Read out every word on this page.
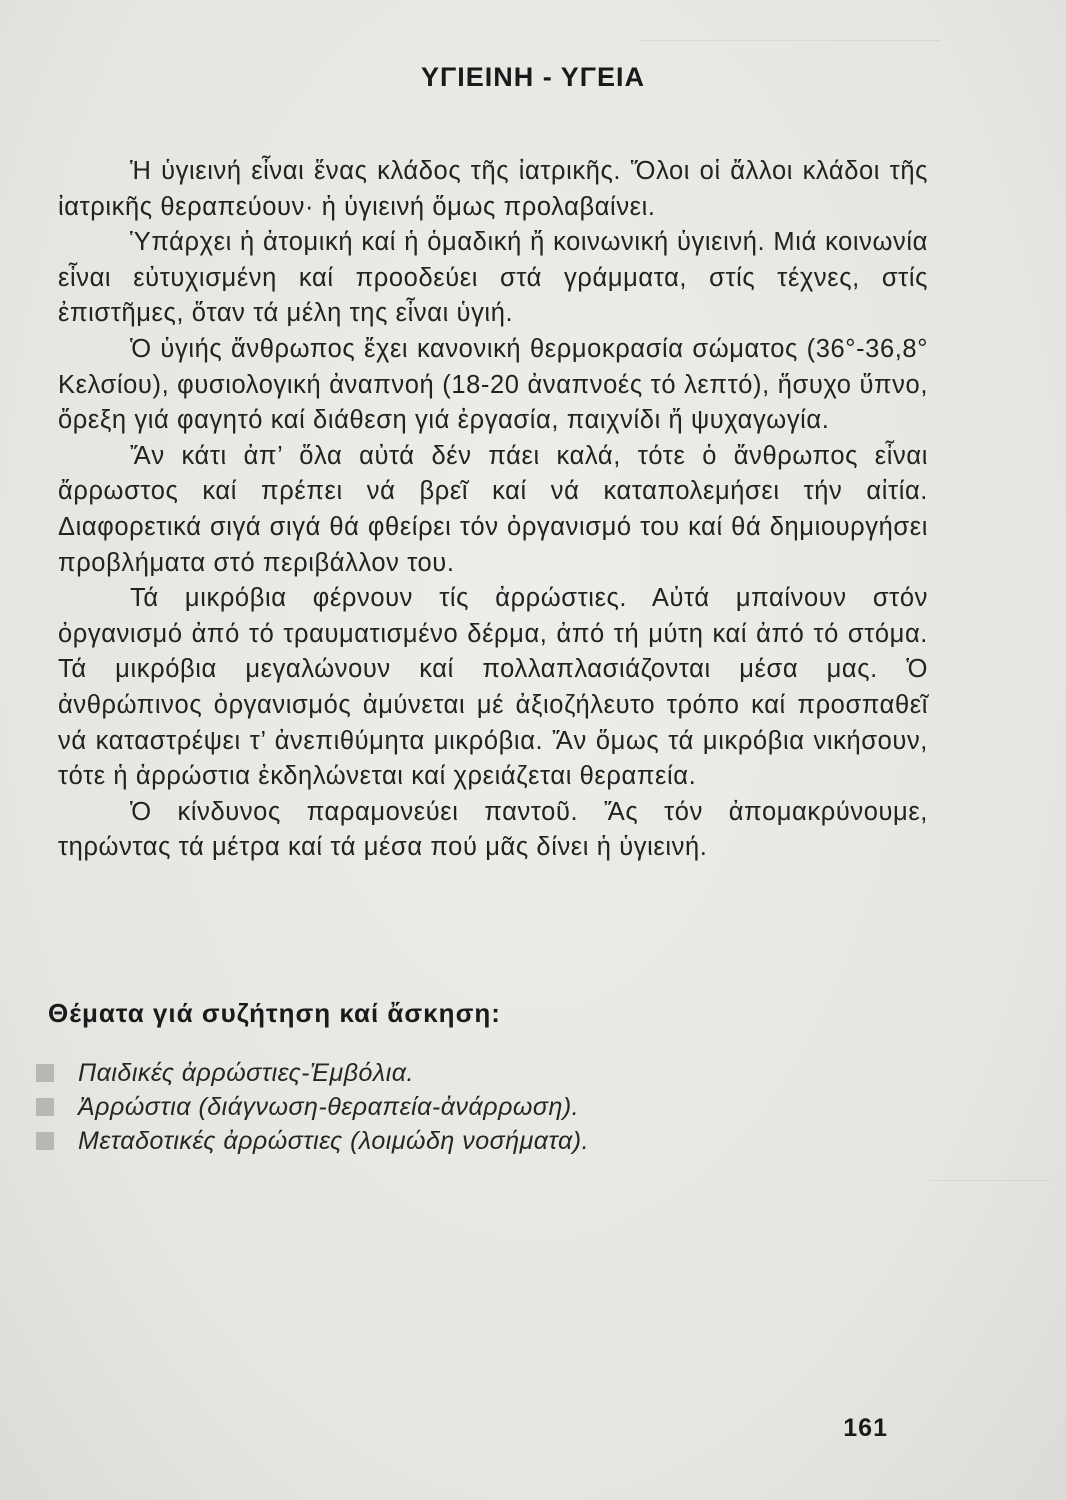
ΥΓΙΕΙΝΗ - ΥΓΕΙΑ

Ἡ ὑγιεινή εἶναι ἕνας κλάδος τῆς ἰατρικῆς. Ὅλοι οἱ ἄλλοι κλάδοι τῆς ἰατρικῆς θεραπεύουν· ἡ ὑγιεινή ὅμως προλαβαίνει.

Ὑπάρχει ἡ ἀτομική καί ἡ ὁμαδική ἤ κοινωνική ὑγιεινή. Μιά κοινωνία εἶναι εὐτυχισμένη καί προοδεύει στά γράμματα, στίς τέχνες, στίς ἐπιστῆμες, ὅταν τά μέλη της εἶναι ὑγιή.

Ὁ ὑγιής ἄνθρωπος ἔχει κανονική θερμοκρασία σώματος (36°-36,8° Κελσίου), φυσιολογική ἀναπνοή (18-20 ἀναπνοές τό λεπτό), ἥσυχο ὕπνο, ὄρεξη γιά φαγητό καί διάθεση γιά ἐργασία, παιχνίδι ἤ ψυχαγωγία.

Ἄν κάτι ἀπ’ ὅλα αὐτά δέν πάει καλά, τότε ὁ ἄνθρωπος εἶναι ἄρρωστος καί πρέπει νά βρεῖ καί νά καταπολεμήσει τήν αἰτία. Διαφορετικά σιγά σιγά θά φθείρει τόν ὀργανισμό του καί θά δημιουργήσει προβλήματα στό περιβάλλον του.

Τά μικρόβια φέρνουν τίς ἀρρώστιες. Αὐτά μπαίνουν στόν ὀργανισμό ἀπό τό τραυματισμένο δέρμα, ἀπό τή μύτη καί ἀπό τό στόμα. Τά μικρόβια μεγαλώνουν καί πολλαπλασιάζονται μέσα μας. Ὁ ἀνθρώπινος ὀργανισμός ἀμύνεται μέ ἀξιοζήλευτο τρόπο καί προσπαθεῖ νά καταστρέψει τ’ ἀνεπιθύμητα μικρόβια. Ἄν ὅμως τά μικρόβια νικήσουν, τότε ἡ ἀρρώστια ἐκδηλώνεται καί χρειάζεται θεραπεία.

Ὁ κίνδυνος παραμονεύει παντοῦ. Ἄς τόν ἀπομακρύνουμε, τηρώντας τά μέτρα καί τά μέσα πού μᾶς δίνει ἡ ὑγιεινή.

Θέματα γιά συζήτηση καί ἄσκηση:
Παιδικές ἀρρώστιες-Ἐμβόλια.
Ἀρρώστια (διάγνωση-θεραπεία-ἀνάρρωση).
Μεταδοτικές ἀρρώστιες (λοιμώδη νοσήματα).
161
